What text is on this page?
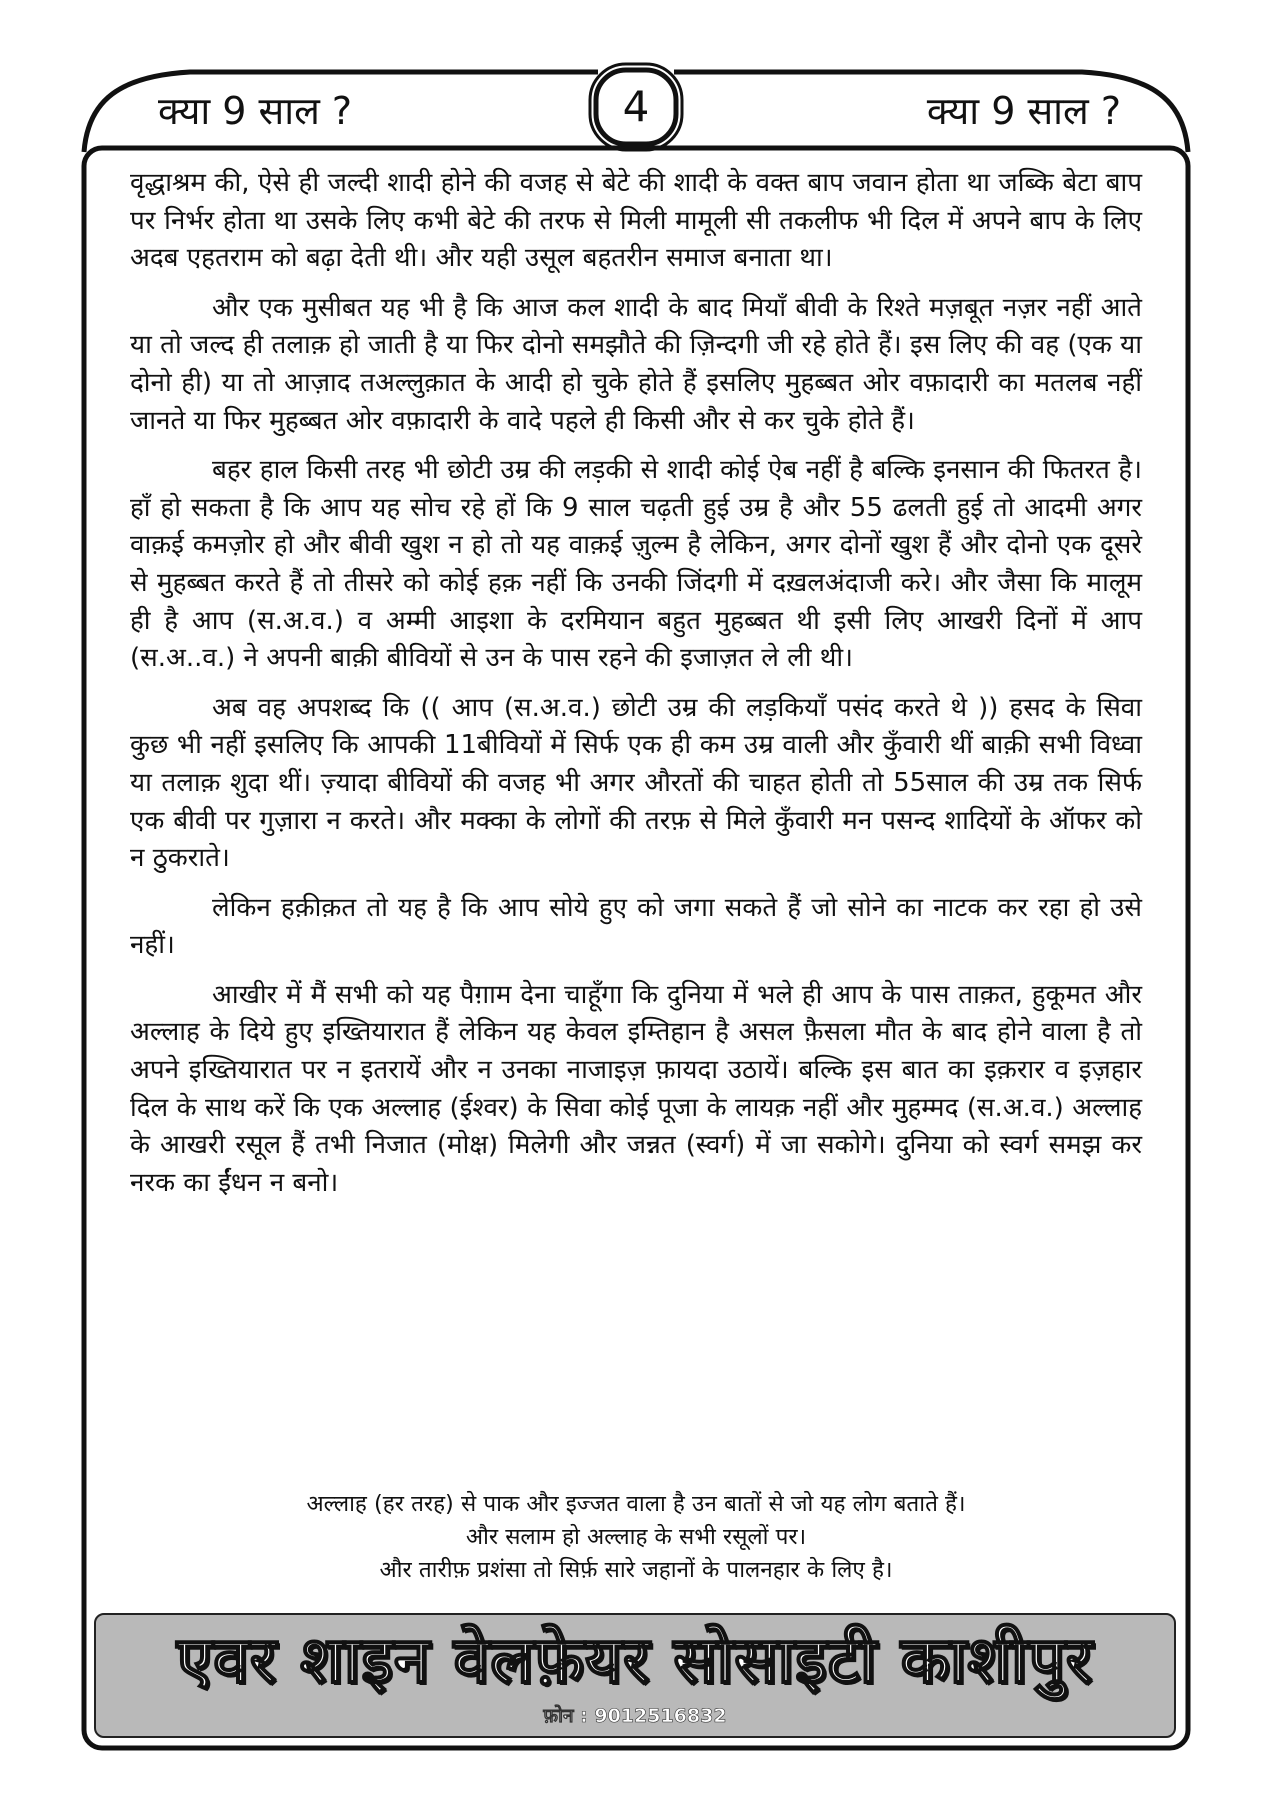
क्या 9 साल ?	4	क्या 9 साल ?

वृद्धाश्रम की, ऐसे ही जल्दी शादी होने की वजह से बेटे की शादी के वक्त बाप जवान होता था जब्कि बेटा बाप पर निर्भर होता था उसके लिए कभी बेटे की तरफ से मिली मामूली सी तकलीफ भी दिल में अपने बाप के लिए अदब एहतराम को बढ़ा देती थी। और यही उसूल बहतरीन समाज बनाता था।

और एक मुसीबत यह भी है कि आज कल शादी के बाद मियाँ बीवी के रिश्ते मज़बूत नज़र नहीं आते या तो जल्द ही तलाक़ हो जाती है या फिर दोनो समझौते की ज़िन्दगी जी रहे होते हैं। इस लिए की वह (एक या दोनो ही) या तो आज़ाद तअल्लुक़ात के आदी हो चुके होते हैं इसलिए मुहब्बत ओर वफ़ादारी का मतलब नहीं जानते या फिर मुहब्बत ओर वफ़ादारी के वादे पहले ही किसी और से कर चुके होते हैं।

बहर हाल किसी तरह भी छोटी उम्र की लड़की से शादी कोई ऐब नहीं है बल्कि इनसान की फितरत है। हाँ हो सकता है कि आप यह सोच रहे हों कि 9 साल चढ़ती हुई उम्र है और 55 ढलती हुई तो आदमी अगर वाक़ई कमज़ोर हो और बीवी खुश न हो तो यह वाक़ई ज़ुल्म है लेकिन, अगर दोनों खुश हैं और दोनो एक दूसरे से मुहब्बत करते हैं तो तीसरे को कोई हक़ नहीं कि उनकी जिंदगी में दख़लअंदाजी करे। और जैसा कि मालूम ही है आप (स.अ.व.) व अम्मी आइशा के दरमियान बहुत मुहब्बत थी इसी लिए आखरी दिनों में आप (स.अ..व.) ने अपनी बाक़ी बीवियों से उन के पास रहने की इजाज़त ले ली थी।

अब वह अपशब्द कि (( आप (स.अ.व.) छोटी उम्र की लड़कियाँ पसंद करते थे )) हसद के सिवा कुछ भी नहीं इसलिए कि आपकी 11बीवियों में सिर्फ एक ही कम उम्र वाली और कुँवारी थीं बाक़ी सभी विध्वा या तलाक़ शुदा थीं। ज़्यादा बीवियों की वजह भी अगर औरतों की चाहत होती तो 55साल की उम्र तक सिर्फ एक बीवी पर गुज़ारा न करते। और मक्का के लोगों की तरफ़ से मिले कुँवारी मन पसन्द शादियों के ऑफर को न ठुकराते।

लेकिन हक़ीक़त तो यह है कि आप सोये हुए को जगा सकते हैं जो सोने का नाटक कर रहा हो उसे नहीं।

आखीर में मैं सभी को यह पैग़ाम देना चाहूँगा कि दुनिया में भले ही आप के पास ताक़त, हुकूमत और अल्लाह के दिये हुए इख्तियारात हैं लेकिन यह केवल इम्तिहान है असल फ़ैसला मौत के बाद होने वाला है तो अपने इख्तियारात पर न इतरायें और न उनका नाजाइज़ फ़ायदा उठायें। बल्कि इस बात का इक़रार व इज़हार दिल के साथ करें कि एक अल्लाह (ईश्वर) के सिवा कोई पूजा के लायक़ नहीं और मुहम्मद (स.अ.व.) अल्लाह के आखरी रसूल हैं तभी निजात (मोक्ष) मिलेगी और जन्नत (स्वर्ग) में जा सकोगे। दुनिया को स्वर्ग समझ कर नरक का ईंधन न बनो।

अल्लाह (हर तरह) से पाक और इज्जत वाला है उन बातों से जो यह लोग बताते हैं।
और सलाम हो अल्लाह के सभी रसूलों पर।
और तारीफ़ प्रशंसा तो सिर्फ़ सारे जहानों के पालनहार के लिए है।
एवर शाइन वेलफ़ेयर सोसाइटी काशीपुर
फ़ोन : 9012516832
